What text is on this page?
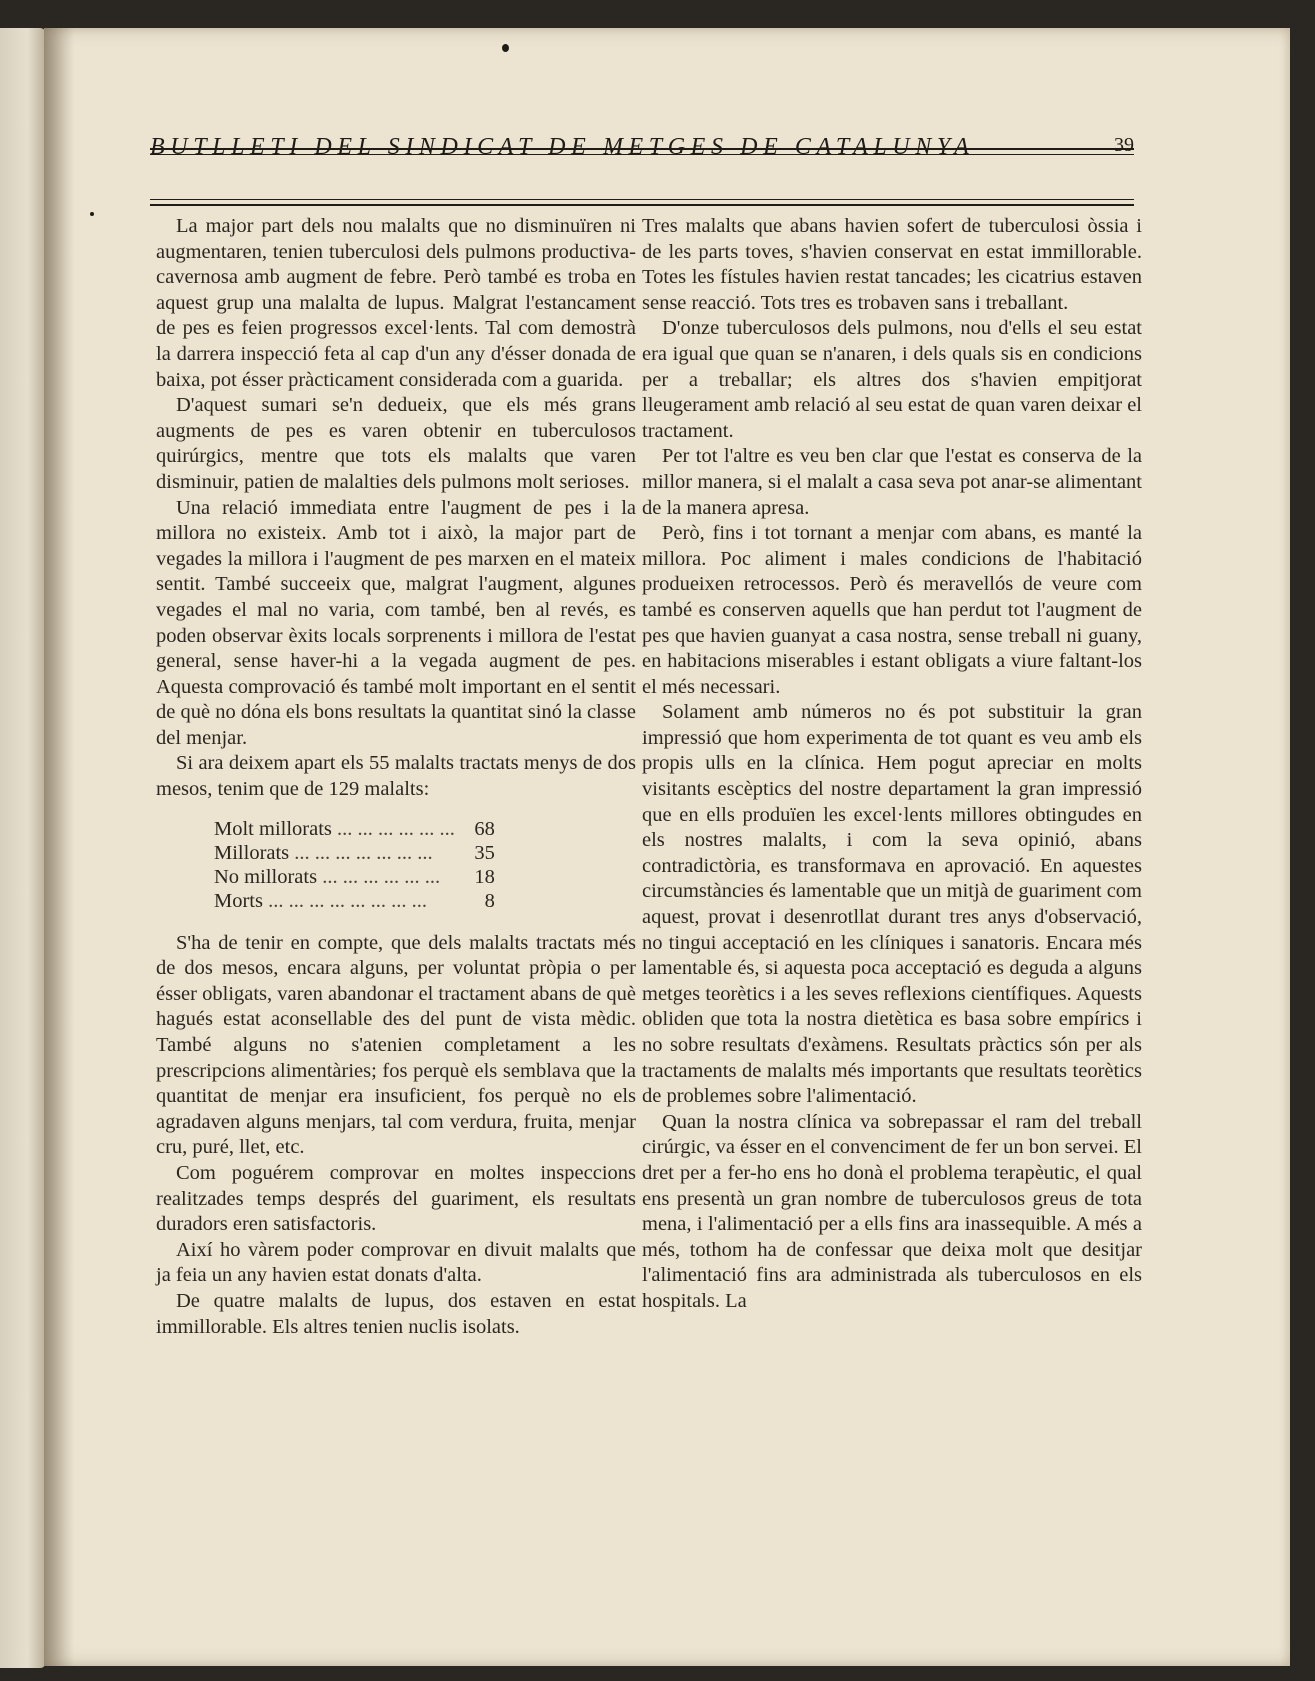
BUTLLETI DEL SINDICAT DE METGES DE CATALUNYA	39

La major part dels nou malalts que no disminuïren ni augmentaren, tenien tuberculosi dels pulmons productiva-cavernosa amb augment de febre. Però també es troba en aquest grup una malalta de lupus. Malgrat l'estancament de pes es feien progressos excel·lents. Tal com demostrà la darrera inspecció feta al cap d'un any d'ésser donada de baixa, pot ésser pràcticament considerada com a guarida.

D'aquest sumari se'n dedueix, que els més grans augments de pes es varen obtenir en tuberculosos quirúrgics, mentre que tots els malalts que varen disminuir, patien de malalties dels pulmons molt serioses.

Una relació immediata entre l'augment de pes i la millora no existeix. Amb tot i això, la major part de vegades la millora i l'augment de pes marxen en el mateix sentit. També succeeix que, malgrat l'augment, algunes vegades el mal no varia, com també, ben al revés, es poden observar èxits locals sorprenents i millora de l'estat general, sense haver-hi a la vegada augment de pes. Aquesta comprovació és també molt important en el sentit de què no dóna els bons resultats la quantitat sinó la classe del menjar.

Si ara deixem apart els 55 malalts tractats menys de dos mesos, tenim que de 129 malalts:

Molt millorats ... ... ... ... ... ...	68
Millorats ... ... ... ... ... ... ...	35
No millorats ... ... ... ... ... ...	18
Morts ... ... ... ... ... ... ... ...	8

S'ha de tenir en compte, que dels malalts tractats més de dos mesos, encara alguns, per voluntat pròpia o per ésser obligats, varen abandonar el tractament abans de què hagués estat aconsellable des del punt de vista mèdic. També alguns no s'atenien completament a les prescripcions alimentàries; fos perquè els semblava que la quantitat de menjar era insuficient, fos perquè no els agradaven alguns menjars, tal com verdura, fruita, menjar cru, puré, llet, etc.

Com poguérem comprovar en moltes inspeccions realitzades temps després del guariment, els resultats duradors eren satisfactoris.

Així ho vàrem poder comprovar en divuit malalts que ja feia un any havien estat donats d'alta.

De quatre malalts de lupus, dos estaven en estat immillorable. Els altres tenien nuclis isolats.

Tres malalts que abans havien sofert de tuberculosi òssia i de les parts toves, s'havien conservat en estat immillorable. Totes les fístules havien restat tancades; les cicatrius estaven sense reacció. Tots tres es trobaven sans i treballant.

D'onze tuberculosos dels pulmons, nou d'ells el seu estat era igual que quan se n'anaren, i dels quals sis en condicions per a treballar; els altres dos s'havien empitjorat lleugerament amb relació al seu estat de quan varen deixar el tractament.

Per tot l'altre es veu ben clar que l'estat es conserva de la millor manera, si el malalt a casa seva pot anar-se alimentant de la manera apresa.

Però, fins i tot tornant a menjar com abans, es manté la millora. Poc aliment i males condicions de l'habitació produeixen retrocessos. Però és meravellós de veure com també es conserven aquells que han perdut tot l'augment de pes que havien guanyat a casa nostra, sense treball ni guany, en habitacions miserables i estant obligats a viure faltant-los el més necessari.

Solament amb números no és pot substituir la gran impressió que hom experimenta de tot quant es veu amb els propis ulls en la clínica. Hem pogut apreciar en molts visitants escèptics del nostre departament la gran impressió que en ells produïen les excel·lents millores obtingudes en els nostres malalts, i com la seva opinió, abans contradictòria, es transformava en aprovació. En aquestes circumstàncies és lamentable que un mitjà de guariment com aquest, provat i desenrotllat durant tres anys d'observació, no tingui acceptació en les clíniques i sanatoris. Encara més lamentable és, si aquesta poca acceptació es deguda a alguns metges teorètics i a les seves reflexions científiques. Aquests obliden que tota la nostra dietètica es basa sobre empírics i no sobre resultats d'exàmens. Resultats pràctics són per als tractaments de malalts més importants que resultats teorètics de problemes sobre l'alimentació.

Quan la nostra clínica va sobrepassar el ram del treball cirúrgic, va ésser en el convenciment de fer un bon servei. El dret per a fer-ho ens ho donà el problema terapèutic, el qual ens presentà un gran nombre de tuberculosos greus de tota mena, i l'alimentació per a ells fins ara inassequible. A més a més, tothom ha de confessar que deixa molt que desitjar l'alimentació fins ara administrada als tuberculosos en els hospitals. La
